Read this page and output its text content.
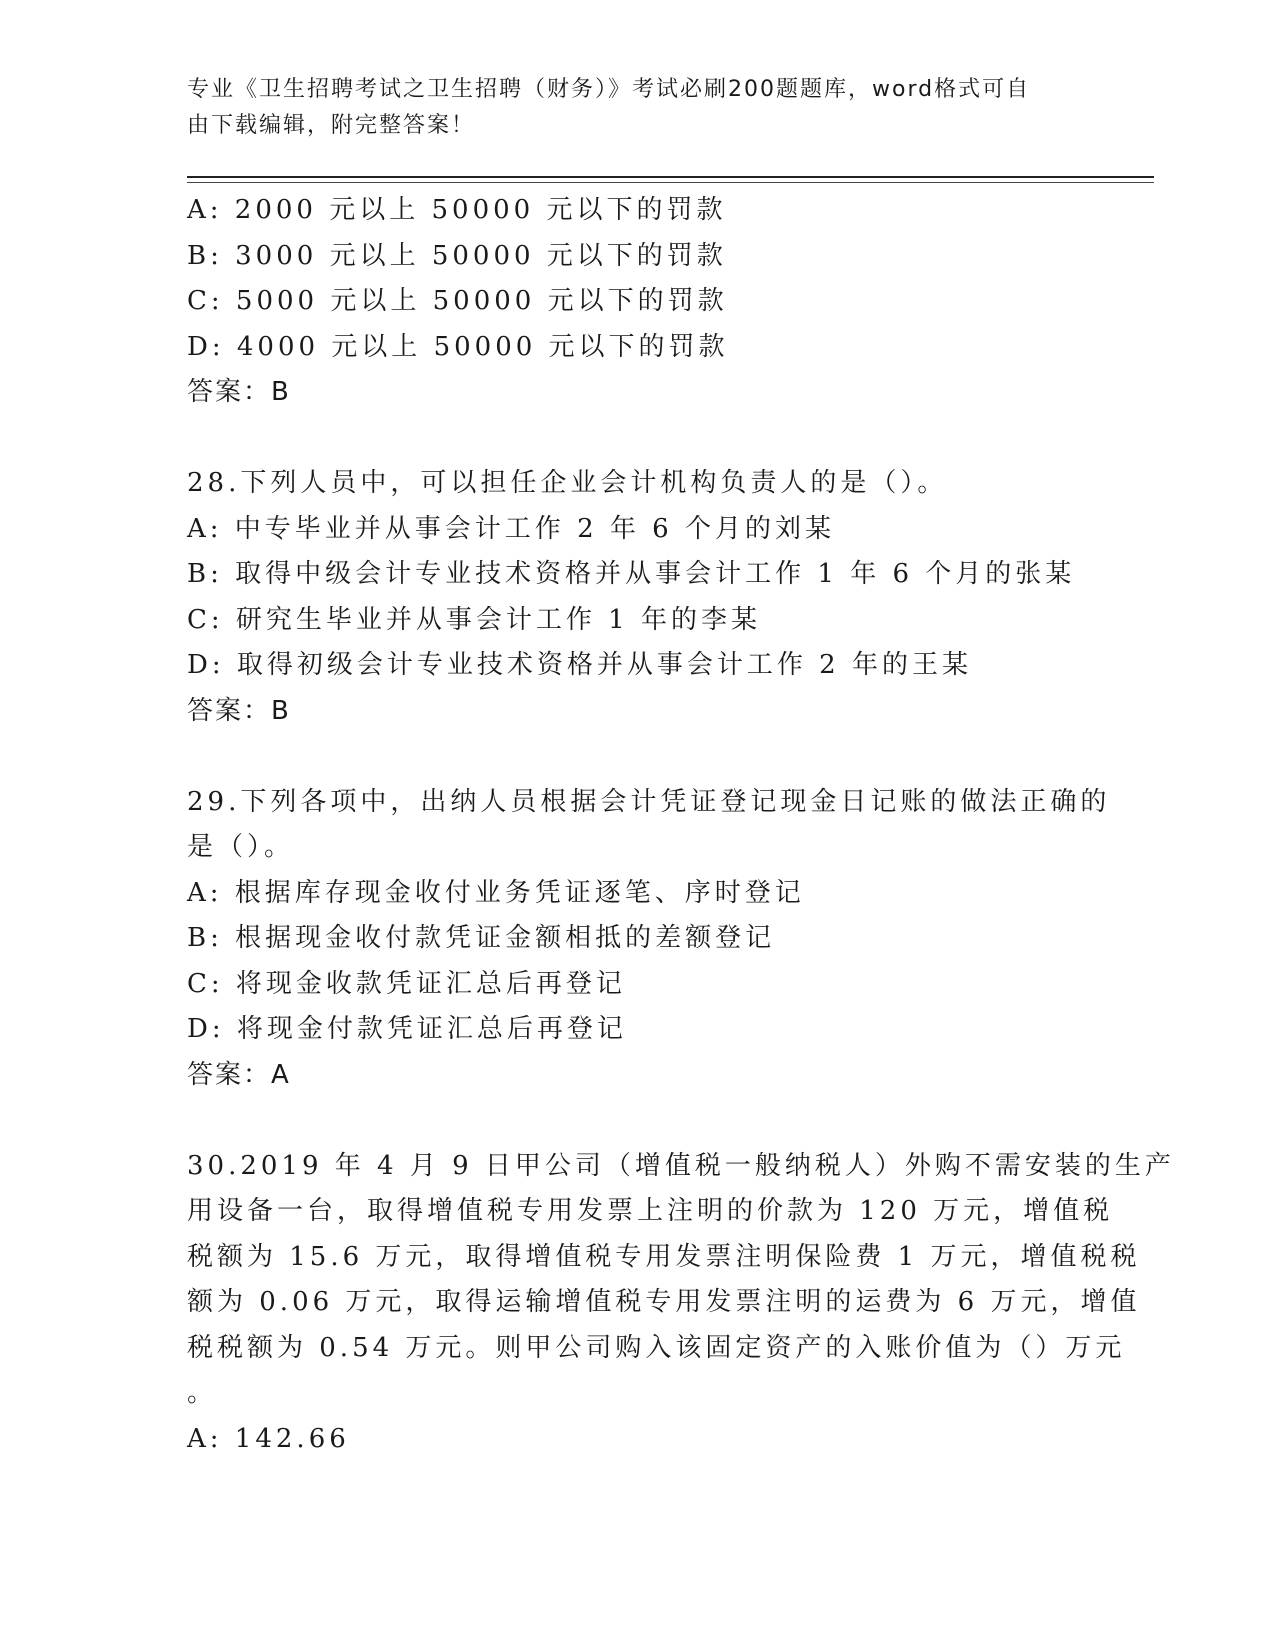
专业《卫生招聘考试之卫生招聘（财务）》考试必刷200题题库，word格式可自
由下载编辑，附完整答案！
A: 2000 元以上 50000 元以下的罚款
B: 3000 元以上 50000 元以下的罚款
C: 5000 元以上 50000 元以下的罚款
D: 4000 元以上 50000 元以下的罚款
答案：B
28.下列人员中，可以担任企业会计机构负责人的是（）。
A: 中专毕业并从事会计工作 2 年 6 个月的刘某
B: 取得中级会计专业技术资格并从事会计工作 1 年 6 个月的张某
C: 研究生毕业并从事会计工作 1 年的李某
D: 取得初级会计专业技术资格并从事会计工作 2 年的王某
答案：B
29.下列各项中，出纳人员根据会计凭证登记现金日记账的做法正确的
是（）。
A: 根据库存现金收付业务凭证逐笔、序时登记
B: 根据现金收付款凭证金额相抵的差额登记
C: 将现金收款凭证汇总后再登记
D: 将现金付款凭证汇总后再登记
答案：A
30.2019 年 4 月 9 日甲公司（增值税一般纳税人）外购不需安装的生产
用设备一台，取得增值税专用发票上注明的价款为 120 万元，增值税
税额为 15.6 万元，取得增值税专用发票注明保险费 1 万元，增值税税
额为 0.06 万元，取得运输增值税专用发票注明的运费为 6 万元，增值
税税额为 0.54 万元。则甲公司购入该固定资产的入账价值为（）万元
。
A: 142.66
